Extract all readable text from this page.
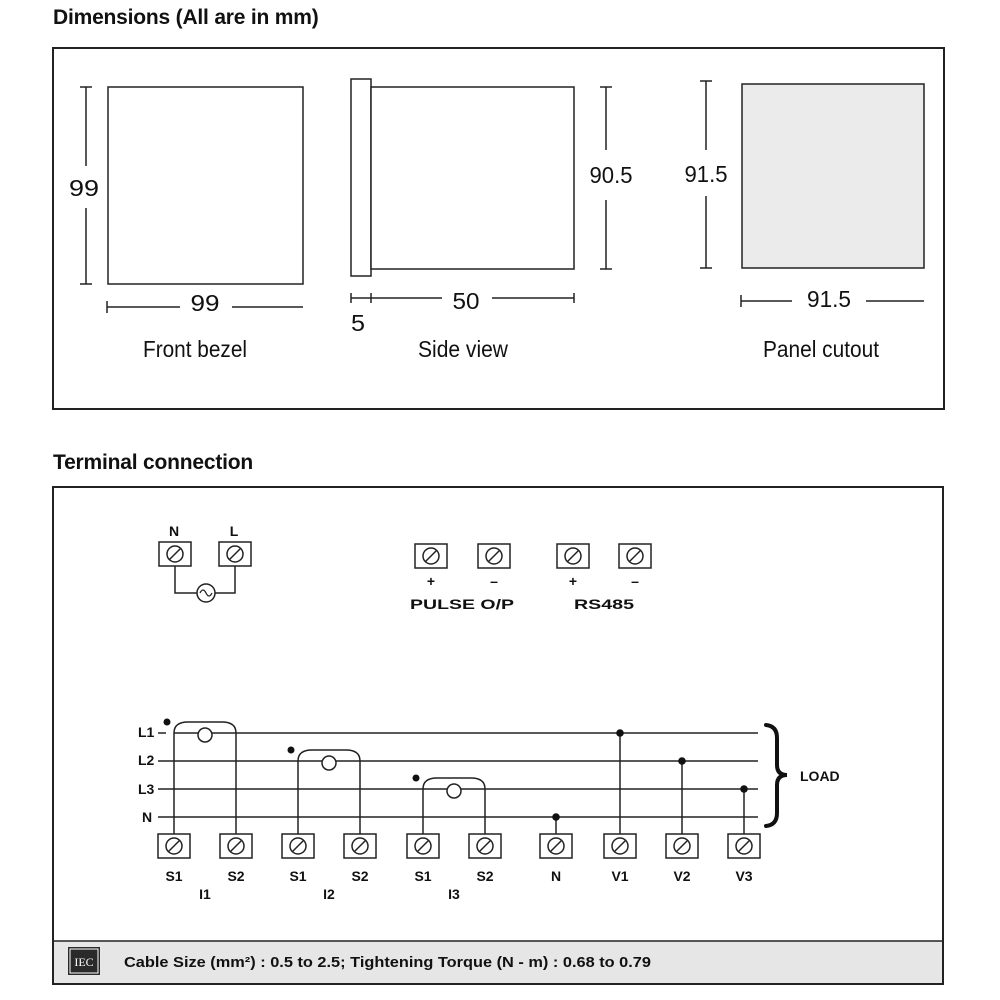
Dimensions (All are in mm)
Terminal connection
99
99
Front bezel
90.5
50
5
Side view
91.5
91.5
Panel cutout
N	L
+	–
PULSE O/P
+	–
RS485
L1
L2
L3
N
LOAD
S1	S2	S1	S2	S1	S2	N	V1	V2	V3
I1	I2	I3
IEC Cable Size (mm²) : 0.5 to 2.5; Tightening Torque (N - m) : 0.68 to 0.79
